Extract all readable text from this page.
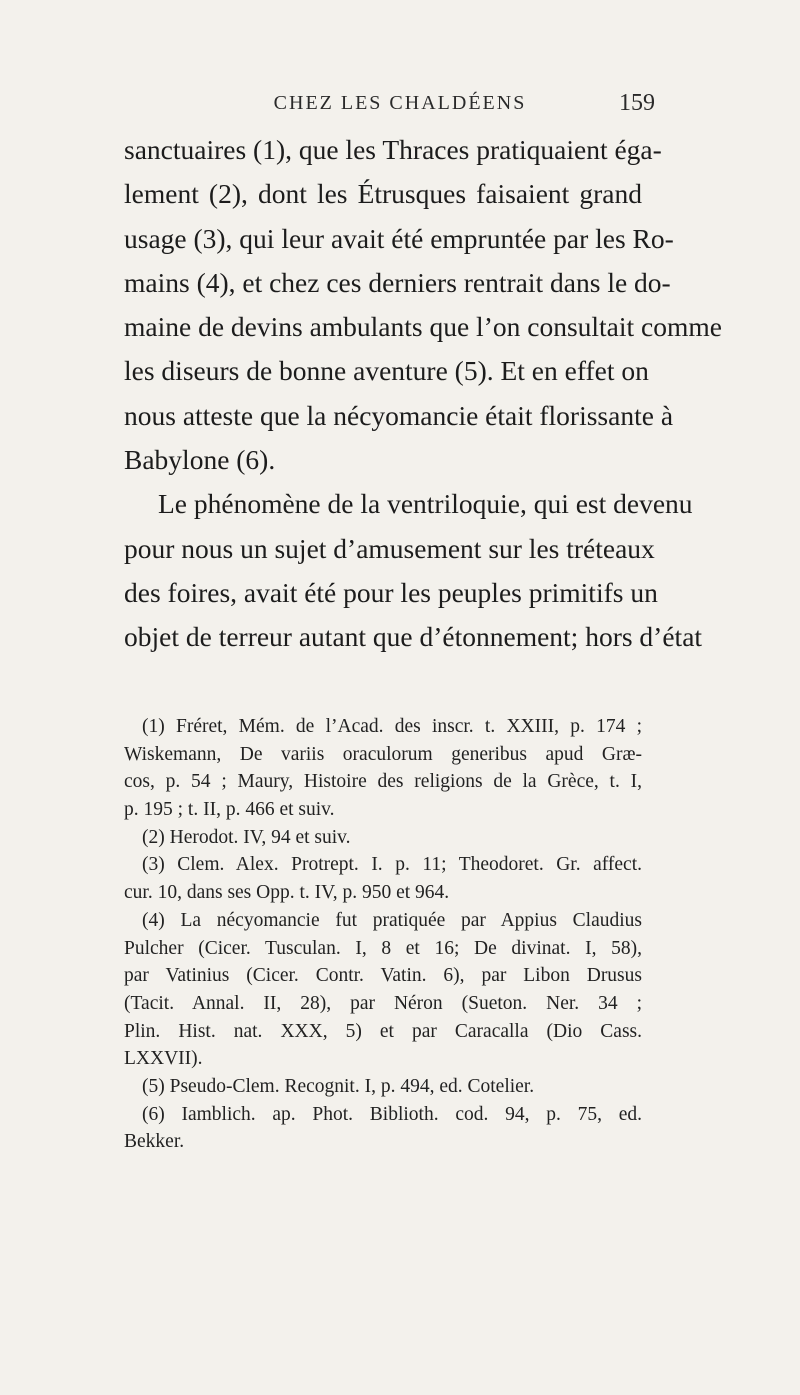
CHEZ LES CHALDÉENS	159
sanctuaires (1), que les Thraces pratiquaient éga-
lement (2), dont les Étrusques faisaient grand
usage (3), qui leur avait été empruntée par les Ro-
mains (4), et chez ces derniers rentrait dans le do-
maine de devins ambulants que l’on consultait comme
les diseurs de bonne aventure (5). Et en effet on
nous atteste que la nécyomancie était florissante à
Babylone (6).
Le phénomène de la ventriloquie, qui est devenu
pour nous un sujet d’amusement sur les tréteaux
des foires, avait été pour les peuples primitifs un
objet de terreur autant que d’étonnement; hors d’état
(1) Fréret, Mém. de l’Acad. des inscr. t. XXIII, p. 174 ;
Wiskemann, De variis oraculorum generibus apud Græ-
cos, p. 54 ; Maury, Histoire des religions de la Grèce, t. I,
p. 195 ; t. II, p. 466 et suiv.
(2) Herodot. IV, 94 et suiv.
(3) Clem. Alex. Protrept. I. p. 11; Theodoret. Gr. affect.
cur. 10, dans ses Opp. t. IV, p. 950 et 964.
(4) La nécyomancie fut pratiquée par Appius Claudius
Pulcher (Cicer. Tusculan. I, 8 et 16; De divinat. I, 58),
par Vatinius (Cicer. Contr. Vatin. 6), par Libon Drusus
(Tacit. Annal. II, 28), par Néron (Sueton. Ner. 34 ;
Plin. Hist. nat. XXX, 5) et par Caracalla (Dio Cass.
LXXVII).
(5) Pseudo-Clem. Recognit. I, p. 494, ed. Cotelier.
(6) Iamblich. ap. Phot. Biblioth. cod. 94, p. 75, ed.
Bekker.
